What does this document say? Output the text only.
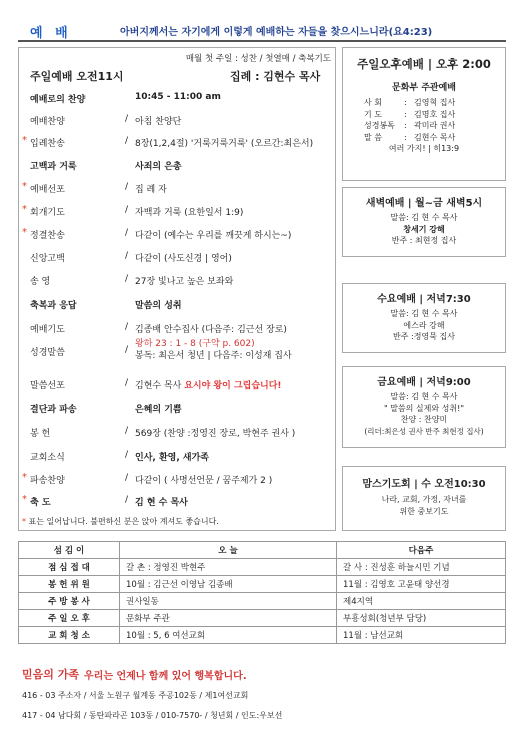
예 배	아버지께서는 자기에게 이렇게 예배하는 자들을 찾으시느니라(요4:23)
매월 첫 주일 : 성찬 / 첫열매 / 축복기도
주일예배 오전11시	집례 : 김현수 목사
예배로의 찬양	10:45 - 11:00 am
예배찬양	/ 아침 찬양단
* 입례찬송	/ 8장(1,2,4절) '거룩거룩거룩' (오르간:최은서)
고백과 거룩	사죄의 은총
* 예배선포	/ 집 례 자
* 회개기도	/ 자백과 거룩 (요한일서 1:9)
* 정결찬송	/ 다같이 (예수는 우리를 깨끗게 하시는~)
신앙고백	/ 다같이 (사도신경 | 영어)
송 영	/ 27장 빛나고 높은 보좌와
축복과 응답	말씀의 성취
예배기도	/ 김종배 안수집사 (다음주: 김근선 장로)
성경말씀	/
왕하 23 : 1 - 8 (구약 p. 602)
봉독: 최은서 청년 | 다음주: 이성재 집사
말씀선포	/ 김현수 목사 요시야 왕이 그립습니다!
결단과 파송	은혜의 기쁨
봉 헌	/ 569장 (찬양 :정영진 장로, 박현주 권사 )
교회소식	/ 인사, 환영, 새가족
* 파송찬양	/ 다같이 ( 사명선언문 / 꿈주제가 2 )
* 축 도	/ 김 현 수 목사
* 표는 일어납니다. 불편하신 분은 앉아 계셔도 좋습니다.
주일오후예배 | 오후 2:00
문화부 주관예배
사 회	: 김영혁 집사
기 도	: 김명호 집사
성경봉독	: 곽미라 권사
말 씀	: 김현수 목사
여러 가지! | 히13:9
새벽예배 | 월~금 새벽5시
말씀: 김 현 수 목사
창세기 강해
반주 : 최현정 집사
수요예배 | 저녁7:30
말씀: 김 현 수 목사
에스라 강해
반주 :정영묵 집사
금요예배 | 저녁9:00
말씀: 김 현 수 목사
" 말씀의 실제와 성취!"
찬양 : 찬양미
(리더:최은성 권사 반주 최현정 집사)
맘스기도회 | 수 오전10:30
나라, 교회, 가정, 자녀를
위한 중보기도
섬 김 이	오 늘	다음주
점 심 접 대	갈 촌 : 정영진 박현주	갈 사 : 진성훈 하늘시민 기념
봉 헌 위 원	10월 : 김근선 이영남 김종배	11월 : 김영호 고윤태 양선경
주 방 봉 사	권사일동	제4지역
주 일 오 후	문화부 주관	부흥성회(청년부 담당)
교 회 청 소	10월 : 5, 6 여선교회	11월 : 남선교회
믿음의 가족 우리는 언제나 함께 있어 행복합니다.
416 - 03 주소자 / 서울 노원구 월계동 주공102동 / 제1여선교회
417 - 04 남다회 / 동탄파라곤 103동 / 010-7570- / 청년회 / 인도:우보선
